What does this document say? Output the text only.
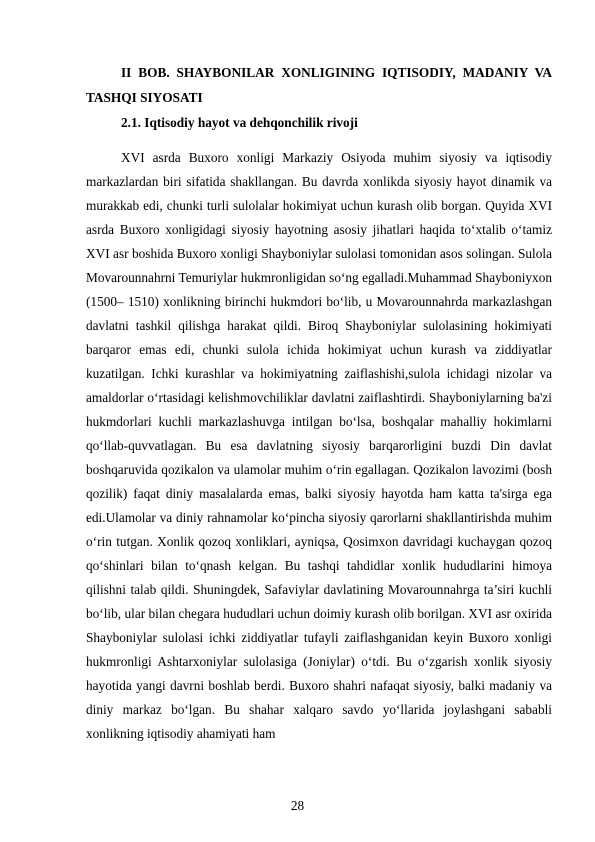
II BOB. SHAYBONILAR XONLIGINING IQTISODIY, MADANIY VA TASHQI SIYOSATI

2.1. Iqtisodiy hayot va dehqonchilik rivoji

XVI asrda Buxoro xonligi Markaziy Osiyoda muhim siyosiy va iqtisodiy markazlardan biri sifatida shakllangan. Bu davrda xonlikda siyosiy hayot dinamik va murakkab edi, chunki turli sulolalar hokimiyat uchun kurash olib borgan. Quyida XVI asrda Buxoro xonligidagi siyosiy hayotning asosiy jihatlari haqida to‘xtalib o‘tamiz XVI asr boshida Buxoro xonligi Shayboniylar sulolasi tomonidan asos solingan. Sulola Movarounnahrni Temuriylar hukmronligidan so‘ng egalladi.Muhammad Shayboniyxon (1500– 1510) xonlikning birinchi hukmdori bo‘lib, u Movarounnahrda markazlashgan davlatni tashkil qilishga harakat qildi. Biroq Shayboniylar sulolasining hokimiyati barqaror emas edi, chunki sulola ichida hokimiyat uchun kurash va ziddiyatlar kuzatilgan. Ichki kurashlar va hokimiyatning zaiflashishi,sulola ichidagi nizolar va amaldorlar o‘rtasidagi kelishmovchiliklar davlatni zaiflashtirdi. Shayboniylarning ba'zi hukmdorlari kuchli markazlashuvga intilgan bo‘lsa, boshqalar mahalliy hokimlarni qo‘llab-quvvatlagan. Bu esa davlatning siyosiy barqarorligini buzdi Din davlat boshqaruvida qozikalon va ulamolar muhim o‘rin egallagan. Qozikalon lavozimi (bosh qozilik) faqat diniy masalalarda emas, balki siyosiy hayotda ham katta ta'sirga ega edi.Ulamolar va diniy rahnamolar ko‘pincha siyosiy qarorlarni shakllantirishda muhim o‘rin tutgan. Xonlik qozoq xonliklari, ayniqsa, Qosimxon davridagi kuchaygan qozoq qo‘shinlari bilan to‘qnash kelgan. Bu tashqi tahdidlar xonlik hududlarini himoya qilishni talab qildi. Shuningdek, Safaviylar davlatining Movarounnahrga ta’siri kuchli bo‘lib, ular bilan chegara hududlari uchun doimiy kurash olib borilgan. XVI asr oxirida Shayboniylar sulolasi ichki ziddiyatlar tufayli zaiflashganidan keyin Buxoro xonligi hukmronligi Ashtarxoniylar sulolasiga (Joniylar) o‘tdi. Bu o‘zgarish xonlik siyosiy hayotida yangi davrni boshlab berdi. Buxoro shahri nafaqat siyosiy, balki madaniy va diniy markaz bo‘lgan. Bu shahar xalqaro savdo yo‘llarida joylashgani sababli xonlikning iqtisodiy ahamiyati ham

28
